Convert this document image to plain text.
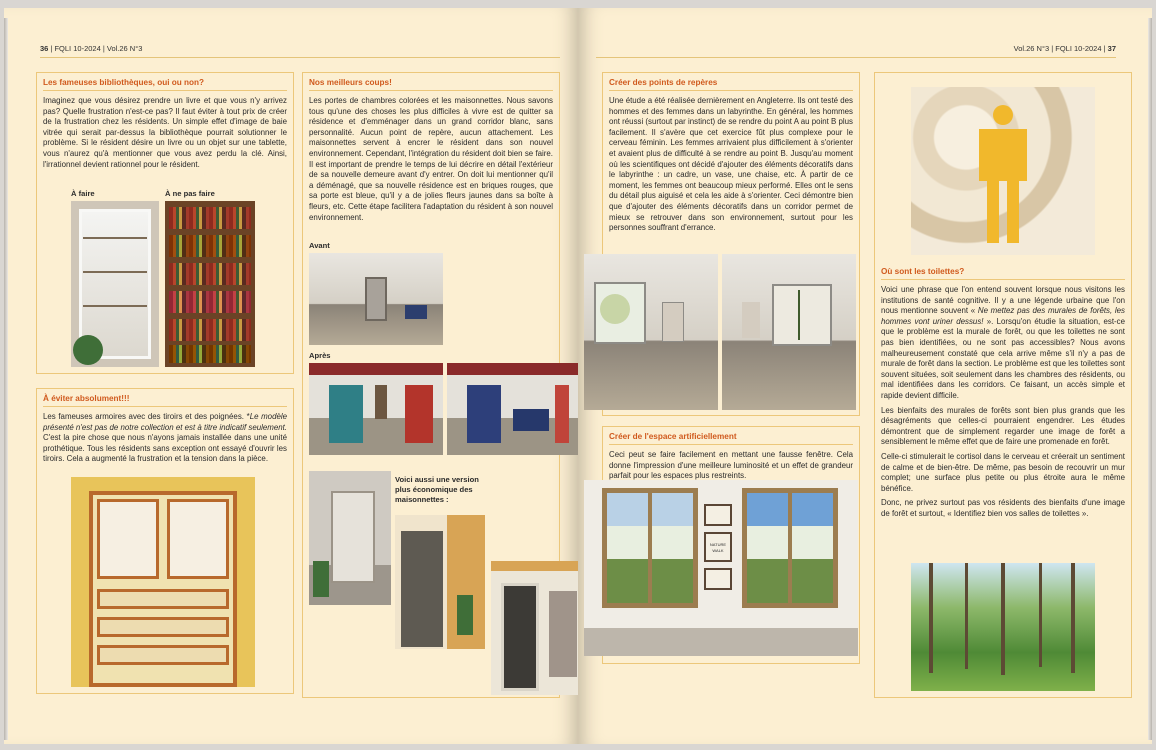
36 | FQLI 10-2024 | Vol.26 N°3
Les fameuses bibliothèques, oui ou non?

Imaginez que vous désirez prendre un livre et que vous n'y arrivez pas? Quelle frustration n'est-ce pas? Il faut éviter à tout prix de créer de la frustration chez les résidents. Un simple effet d'image de baie vitrée qui serait par-dessus la bibliothèque pourrait solutionner le problème. Si le résident désire un livre ou un objet sur une tablette, vous n'aurez qu'à mentionner que vous avez perdu la clé. Ainsi, l'irrationnel devient rationnel pour le résident.

À faire	À ne pas faire
À éviter absolument!!!

Les fameuses armoires avec des tiroirs et des poignées. *Le modèle présenté n'est pas de notre collection et est à titre indicatif seulement. C'est la pire chose que nous n'ayons jamais installée dans une unité prothétique. Tous les résidents sans exception ont essayé d'ouvrir les tiroirs. Cela a augmenté la frustration et la tension dans la pièce.

Nos meilleurs coups!

Les portes de chambres colorées et les maisonnettes. Nous savons tous qu'une des choses les plus difficiles à vivre est de quitter sa résidence et d'emménager dans un grand corridor blanc, sans personnalité. Aucun point de repère, aucun attachement. Les maisonnettes servent à encrer le résident dans son nouvel environnement. Cependant, l'intégration du résident doit bien se faire. Il est important de prendre le temps de lui décrire en détail l'extérieur de sa nouvelle demeure avant d'y entrer. On doit lui mentionner qu'il a déménagé, que sa nouvelle résidence est en briques rouges, que sa porte est bleue, qu'il y a de jolies fleurs jaunes dans sa boîte à fleurs, etc. Cette étape facilitera l'adaptation du résident à son nouvel environnement.

Avant
Après
Voici aussi une version plus économique des maisonnettes :
Vol.26 N°3 | FQLI 10-2024 | 37
Créer des points de repères

Une étude a été réalisée dernièrement en Angleterre. Ils ont testé des hommes et des femmes dans un labyrinthe. En général, les hommes ont réussi (surtout par instinct) de se rendre du point A au point B plus facilement. Il s'avère que cet exercice fût plus complexe pour le cerveau féminin. Les femmes arrivaient plus difficilement à s'orienter et avaient plus de difficulté à se rendre au point B. Jusqu'au moment où les scientifiques ont décidé d'ajouter des éléments décoratifs dans le labyrinthe : un cadre, un vase, une chaise, etc. À partir de ce moment, les femmes ont beaucoup mieux performé. Elles ont le sens du détail plus aiguisé et cela les aide à s'orienter. Ceci démontre bien que d'ajouter des éléments décoratifs dans un corridor permet de mieux se retrouver dans son environnement, surtout pour les personnes souffrant d'errance.

Créer de l'espace artificiellement

Ceci peut se faire facilement en mettant une fausse fenêtre. Cela donne l'impression d'une meilleure luminosité et un effet de grandeur parfait pour les espaces plus restreints.

NATURE
WALK
Où sont les toilettes?

Voici une phrase que l'on entend souvent lorsque nous visitons les institutions de santé cognitive. Il y a une légende urbaine que l'on nous mentionne souvent « Ne mettez pas des murales de forêts, les hommes vont uriner dessus! ». Lorsqu'on étudie la situation, est-ce que le problème est la murale de forêt, ou que les toilettes ne sont pas bien identifiées, ou ne sont pas accessibles? Nous avons malheureusement constaté que cela arrive même s'il n'y a pas de murale de forêt dans la section. Le problème est que les toilettes sont souvent situées, soit seulement dans les chambres des résidents, ou mal identifiées dans les corridors. Ce faisant, un accès simple et rapide devient difficile.

Les bienfaits des murales de forêts sont bien plus grands que les désagréments que celles-ci pourraient engendrer. Les études démontrent que de simplement regarder une image de forêt a sensiblement le même effet que de faire une promenade en forêt.

Celle-ci stimulerait le cortisol dans le cerveau et créerait un sentiment de calme et de bien-être. De même, pas besoin de recouvrir un mur complet; une surface plus petite ou plus étroite aura le même bénéfice.

Donc, ne privez surtout pas vos résidents des bienfaits d'une image de forêt et surtout, « Identifiez bien vos salles de toilettes ».
